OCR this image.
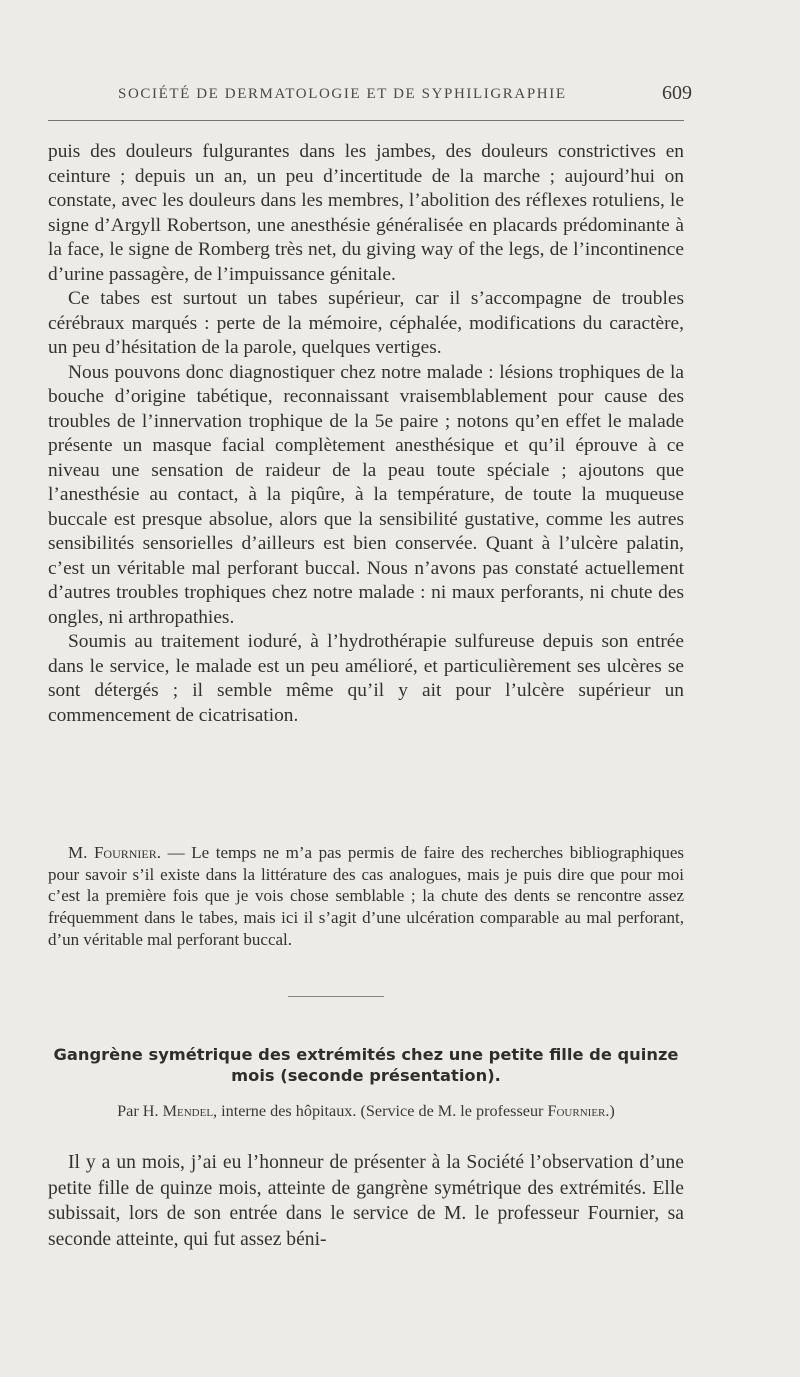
SOCIÉTÉ DE DERMATOLOGIE ET DE SYPHILIGRAPHIE	609

puis des douleurs fulgurantes dans les jambes, des douleurs constrictives en ceinture ; depuis un an, un peu d’incertitude de la marche ; aujourd’hui on constate, avec les douleurs dans les membres, l’abolition des réflexes rotuliens, le signe d’Argyll Robertson, une anesthésie généralisée en placards prédominante à la face, le signe de Romberg très net, du giving way of the legs, de l’incontinence d’urine passagère, de l’impuissance génitale.

Ce tabes est surtout un tabes supérieur, car il s’accompagne de troubles cérébraux marqués : perte de la mémoire, céphalée, modifications du caractère, un peu d’hésitation de la parole, quelques vertiges.

Nous pouvons donc diagnostiquer chez notre malade : lésions trophiques de la bouche d’origine tabétique, reconnaissant vraisemblablement pour cause des troubles de l’innervation trophique de la 5e paire ; notons qu’en effet le malade présente un masque facial complètement anesthésique et qu’il éprouve à ce niveau une sensation de raideur de la peau toute spéciale ; ajoutons que l’anesthésie au contact, à la piqûre, à la température, de toute la muqueuse buccale est presque absolue, alors que la sensibilité gustative, comme les autres sensibilités sensorielles d’ailleurs est bien conservée. Quant à l’ulcère palatin, c’est un véritable mal perforant buccal. Nous n’avons pas constaté actuellement d’autres troubles trophiques chez notre malade : ni maux perforants, ni chute des ongles, ni arthropathies.

Soumis au traitement ioduré, à l’hydrothérapie sulfureuse depuis son entrée dans le service, le malade est un peu amélioré, et particulièrement ses ulcères se sont détergés ; il semble même qu’il y ait pour l’ulcère supérieur un commencement de cicatrisation.

M. Fournier. — Le temps ne m’a pas permis de faire des recherches bibliographiques pour savoir s’il existe dans la littérature des cas analogues, mais je puis dire que pour moi c’est la première fois que je vois chose semblable ; la chute des dents se rencontre assez fréquemment dans le tabes, mais ici il s’agit d’une ulcération comparable au mal perforant, d’un véritable mal perforant buccal.

Gangrène symétrique des extrémités chez une petite fille de quinze mois (seconde présentation).
Par H. Mendel, interne des hôpitaux. (Service de M. le professeur Fournier.)

Il y a un mois, j’ai eu l’honneur de présenter à la Société l’observation d’une petite fille de quinze mois, atteinte de gangrène symétrique des extrémités. Elle subissait, lors de son entrée dans le service de M. le professeur Fournier, sa seconde atteinte, qui fut assez béni-
